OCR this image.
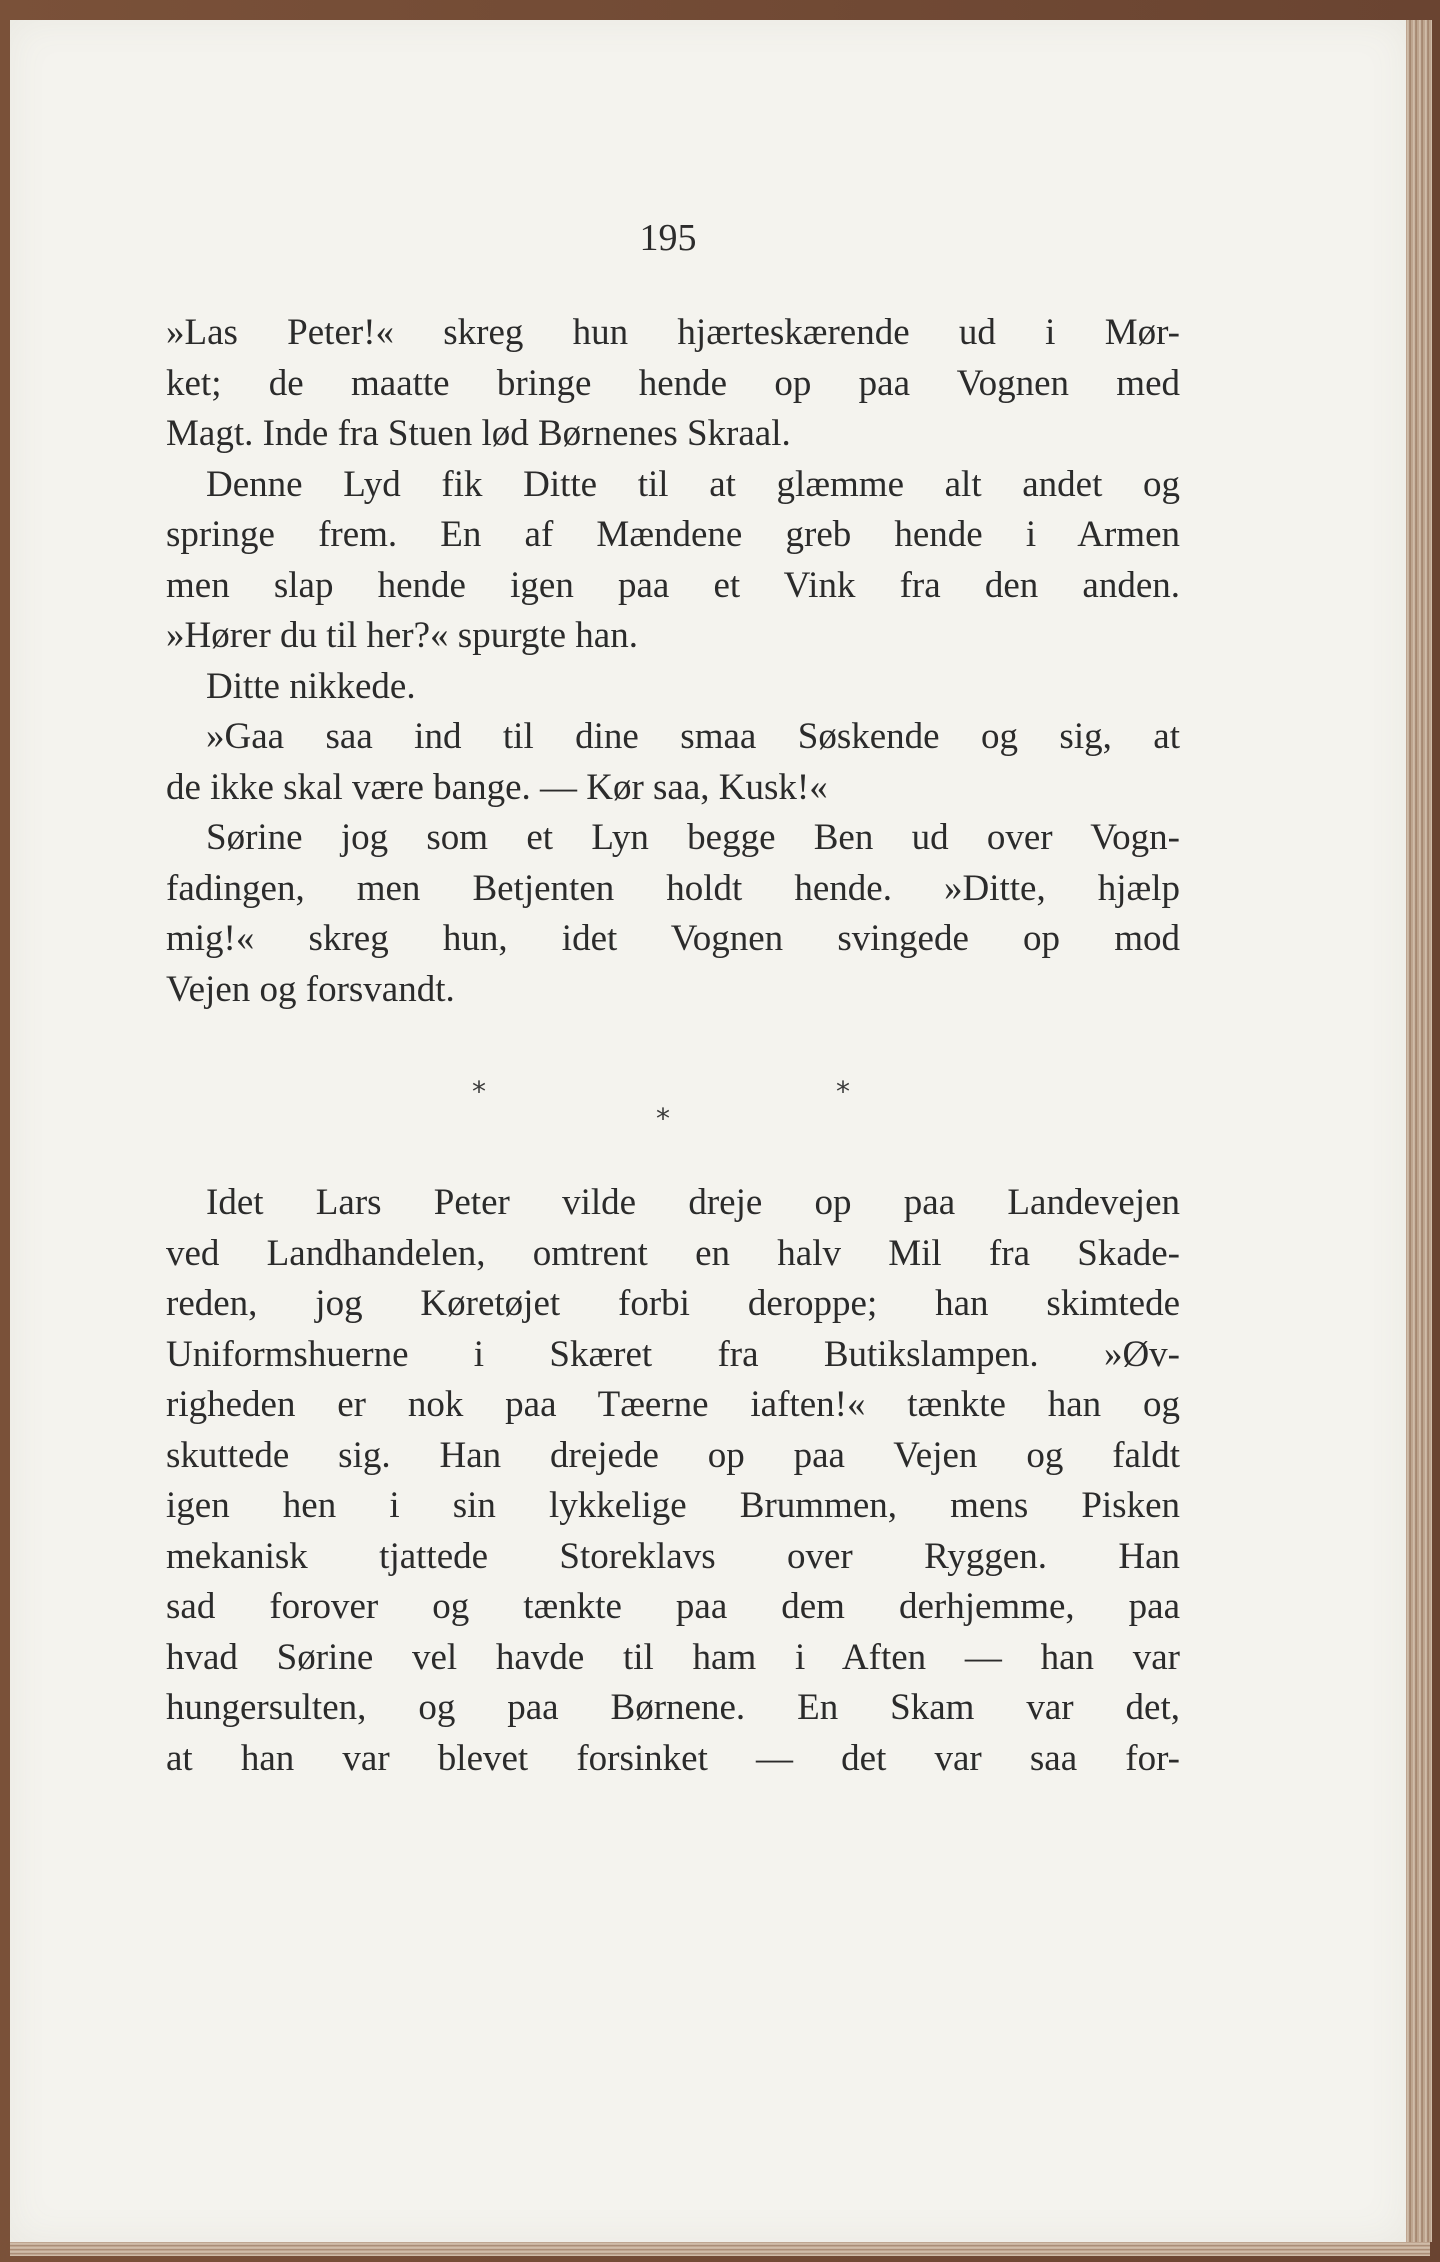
195
»Las Peter!« skreg hun hjærteskærende ud i Mør-
ket; de maatte bringe hende op paa Vognen med
Magt. Inde fra Stuen lød Børnenes Skraal.
Denne Lyd fik Ditte til at glæmme alt andet og
springe frem. En af Mændene greb hende i Armen
men slap hende igen paa et Vink fra den anden.
»Hører du til her?« spurgte han.
Ditte nikkede.
»Gaa saa ind til dine smaa Søskende og sig, at
de ikke skal være bange. — Kør saa, Kusk!«
Sørine jog som et Lyn begge Ben ud over Vogn-
fadingen, men Betjenten holdt hende. »Ditte, hjælp
mig!« skreg hun, idet Vognen svingede op mod
Vejen og forsvandt.
*	*
*
Idet Lars Peter vilde dreje op paa Landevejen
ved Landhandelen, omtrent en halv Mil fra Skade-
reden, jog Køretøjet forbi deroppe; han skimtede
Uniformshuerne i Skæret fra Butikslampen. »Øv-
righeden er nok paa Tæerne iaften!« tænkte han og
skuttede sig. Han drejede op paa Vejen og faldt
igen hen i sin lykkelige Brummen, mens Pisken
mekanisk tjattede Storeklavs over Ryggen. Han
sad forover og tænkte paa dem derhjemme, paa
hvad Sørine vel havde til ham i Aften — han var
hungersulten, og paa Børnene. En Skam var det,
at han var blevet forsinket — det var saa for-
